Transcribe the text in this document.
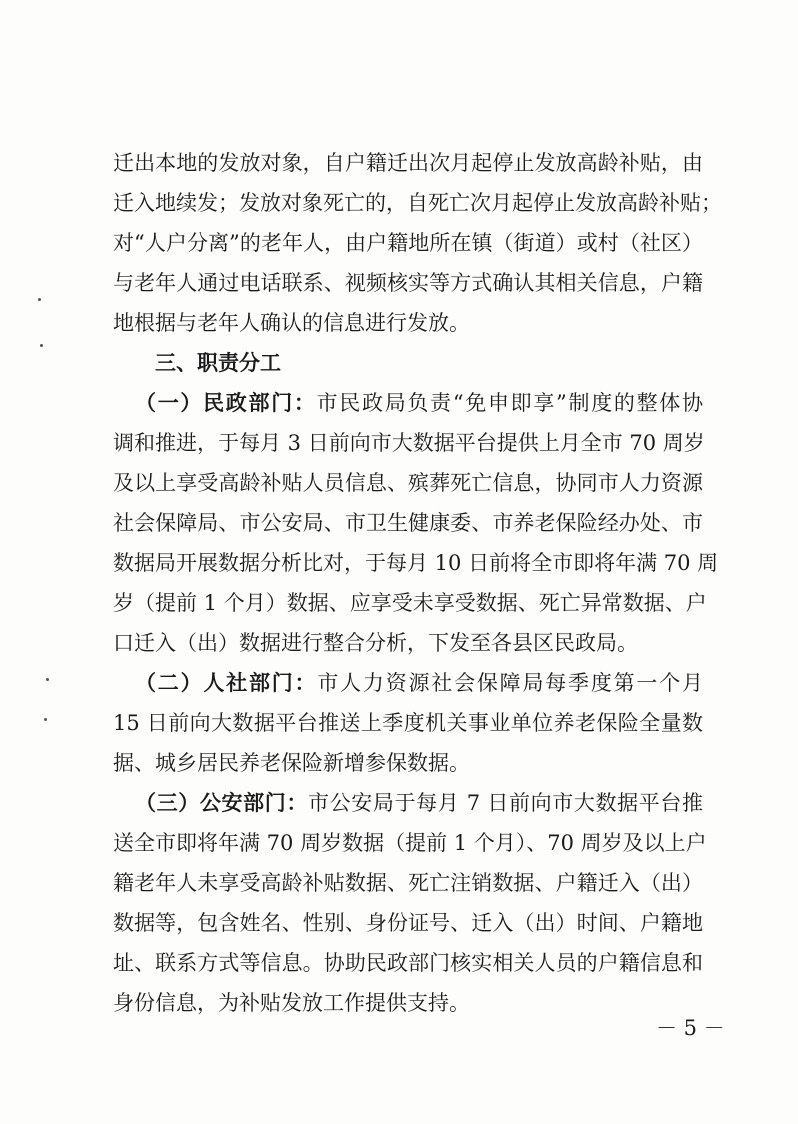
迁出本地的发放对象，自户籍迁出次月起停止发放高龄补贴，由
迁入地续发；发放对象死亡的，自死亡次月起停止发放高龄补贴；
对“人户分离”的老年人，由户籍地所在镇（街道）或村（社区）
与老年人通过电话联系、视频核实等方式确认其相关信息，户籍
地根据与老年人确认的信息进行发放。
三、职责分工
（一）民政部门：市民政局负责“免申即享”制度的整体协
调和推进，于每月 3 日前向市大数据平台提供上月全市 70 周岁
及以上享受高龄补贴人员信息、殡葬死亡信息，协同市人力资源
社会保障局、市公安局、市卫生健康委、市养老保险经办处、市
数据局开展数据分析比对，于每月 10 日前将全市即将年满 70 周
岁（提前 1 个月）数据、应享受未享受数据、死亡异常数据、户
口迁入（出）数据进行整合分析，下发至各县区民政局。
（二）人社部门：市人力资源社会保障局每季度第一个月
15 日前向大数据平台推送上季度机关事业单位养老保险全量数
据、城乡居民养老保险新增参保数据。
（三）公安部门：市公安局于每月 7 日前向市大数据平台推
送全市即将年满 70 周岁数据（提前 1 个月）、70 周岁及以上户
籍老年人未享受高龄补贴数据、死亡注销数据、户籍迁入（出）
数据等，包含姓名、性别、身份证号、迁入（出）时间、户籍地
址、联系方式等信息。协助民政部门核实相关人员的户籍信息和
身份信息，为补贴发放工作提供支持。
－ 5 －
